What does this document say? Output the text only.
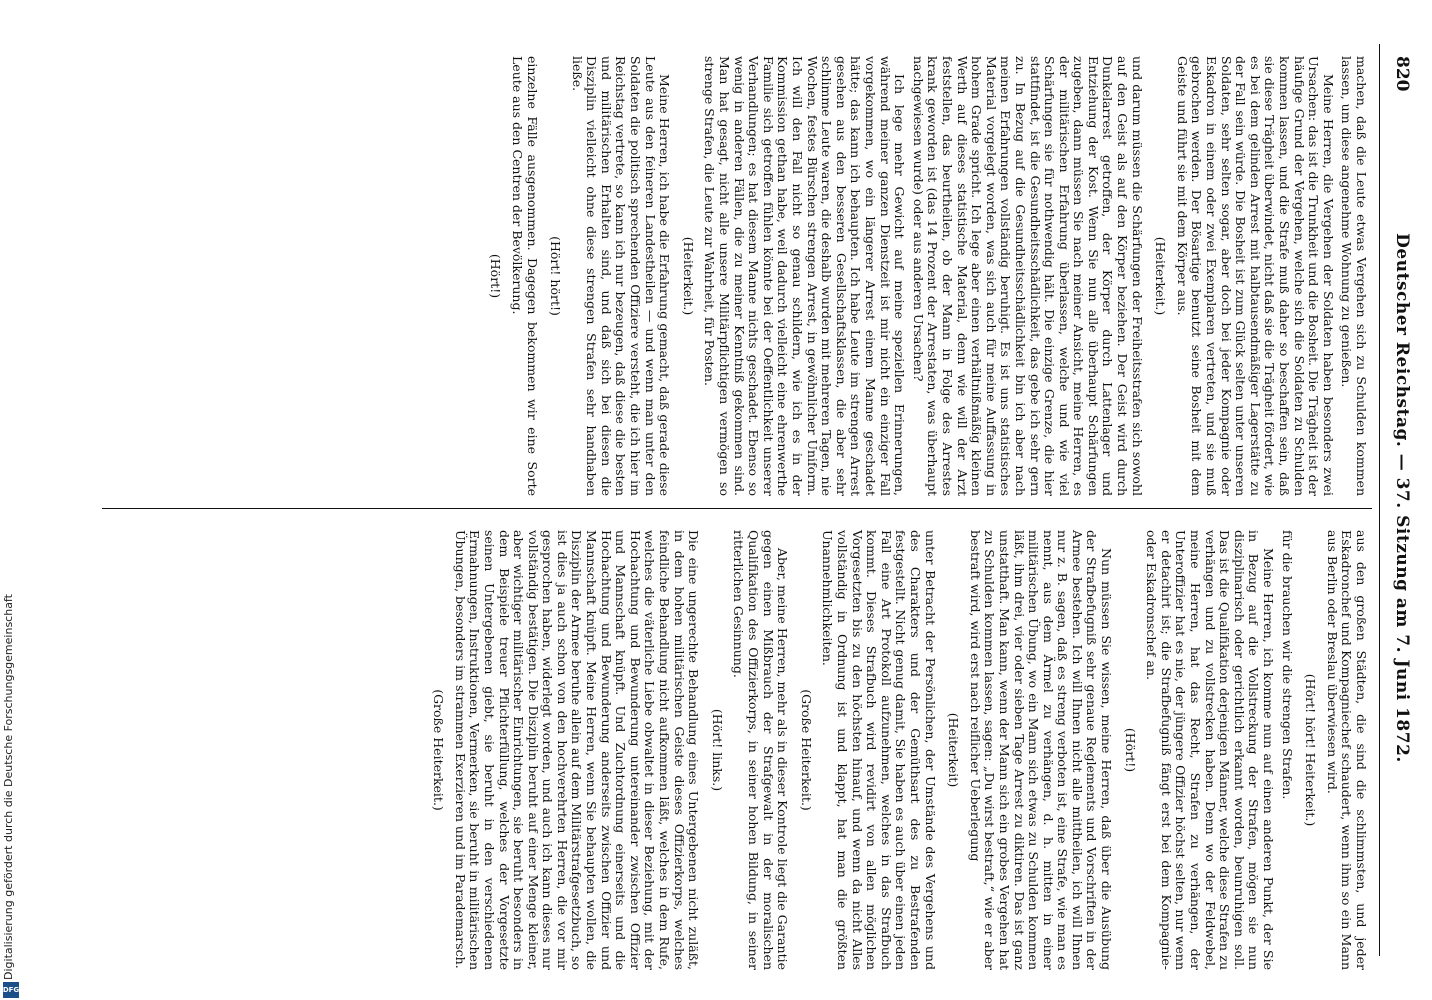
820
Deutscher Reichstag. — 37. Sitzung am 7. Juni 1872.

machen, daß die Leute etwas Vergehen sich zu Schulden kommen lassen, um diese angenehme Wohnung zu genießen.

Meine Herren, die Vergehen der Soldaten haben besonders zwei Ursachen: das ist die Trunkheit und die Bosheit. Die Trägheit ist der häufige Grund der Vergehen, welche sich die Soldaten zu Schulden kommen lassen, und die Strafe muß daher so beschaffen sein, daß sie diese Trägheit überwindet, nicht daß sie die Trägheit fördert, wie es bei dem gelinden Arrest mit halbtausendmäßiger Lagerstätte zu der Fall sein würde. Die Bosheit ist zum Glück selten unter unseren Soldaten, sehr selten sogar, aber doch bei jeder Kompagnie oder Eskadron in einem oder zwei Exemplaren vertreten, und sie muß gebrochen werden. Der Bösartige benutzt seine Bosheit mit dem Geiste und führt sie mit dem Körper aus.

(Heiterkeit.)

und darum müssen die Schärfungen der Freiheitsstrafen sich sowohl auf den Geist als auf den Körper beziehen. Der Geist wird durch Dunkelarrest getroffen, der Körper durch Lattenlager und Entziehung der Kost. Wenn Sie nun alle überhaupt Schärfungen zugeben, dann müssen Sie nach meiner Ansicht, meine Herren, es der militärischen Erfahrung überlassen, welche und wie viel Schärfungen sie für nothwendig hält. Die einzige Grenze, die hier stattfindet, ist die Gesundheitsschädlichkeit, das gebe ich sehr gern zu. In Bezug auf die Gesundheitsschädlichkeit bin ich aber nach meinen Erfahrungen vollständig beruhigt. Es ist uns statistisches Material vorgelegt worden, was sich auch für meine Auffassung in hohem Grade spricht. Ich lege aber einen verhältnißmäßig kleinen Werth auf dieses statistische Material, denn wie will der Arzt feststellen, das beurtheilen, ob der Mann in Folge des Arrestes krank geworden ist (das 14 Prozent der Arrestaten, was überhaupt nachgewiesen wurde) oder aus anderen Ursachen?

Ich lege mehr Gewicht auf meine speziellen Erinnerungen, während meiner ganzen Dienstzeit ist mir nicht ein einziger Fall vorgekommen, wo ein längerer Arrest einem Manne geschadet hätte; das kann ich behaupten. Ich habe Leute im strengen Arrest gesehen aus den besseren Gesellschaftsklassen, die aber sehr schlimme Leute waren, die deshalb wurden mit mehreren Tagen, nie Wochen, festes Bürschen strengen Arrest, in gewöhnlicher Uniform. Ich will den Fall nicht so genau schildern, wie ich es in der Kommission gethan habe, weil dadurch vielleicht eine ehrenwerthe Familie sich getroffen fühlen könnte bei der Oeffentlichkeit unserer Verhandlungen; es hat diesem Manne nichts geschadet. Ebenso so wenig in anderen Fällen, die zu meiner Kenntniß gekommen sind. Man hat gesagt, nicht alle unsere Militärpflichtigen vermögen so strenge Strafen, die Leute zur Wahrheit, für Posten.

(Heiterkeit.)

Meine Herren, ich habe die Erfahrung gemacht, daß gerade diese Leute aus den feineren Landestheilen — und wenn man unter den Soldaten die politisch sprechenden Offiziere versteht, die ich hier im Reichstag vertrete, so kann ich nur bezeugen, daß diese die besten und militärischen Erhalten sind, und daß sich bei diesen die Disziplin vielleicht ohne diese strengen Strafen sehr handhaben ließe.

(Hört! hört!)

einzelne Fälle ausgenommen. Dagegen bekommen wir eine Sorte Leute aus den Centren der Bevölkerung.

(Hört!)

aus den großen Städten, die sind die schlimmsten, und jeder Eskadronchef und Kompagniechef schaudert, wenn ihm so ein Mann aus Berlin oder Breslau überwiesen wird.

(Hört! hört! Heiterkeit.)

für die brauchen wir die strengen Strafen.

Meine Herren, ich komme nun auf einen anderen Punkt, der Sie in Bezug auf die Vollstreckung der Strafen, mögen sie nun disziplinarisch oder gerichtlich erkannt worden, beunruhigen soll. Das ist die Qualifikation derjenigen Männer, welche diese Strafen zu verhängen und zu vollstrecken haben. Denn wo der Feldwebel, meine Herren, hat das Recht, Strafen zu verhängen, der Unteroffizier hat es nie, der jüngere Offizier höchst selten, nur wenn er detachirt ist; die Strafbefugniß fängt erst bei dem Kompagnie- oder Eskadronschef an.

(Hört!)

Nun müssen Sie wissen, meine Herren, daß über die Ausübung der Strafbefugniß sehr genaue Reglements und Vorschriften in der Armee bestehen. Ich will Ihnen nicht alle mittheilen, ich will Ihnen nur z. B. sagen, daß es streng verboten ist, eine Strafe, wie man es nennt, aus dem Ärmel zu verhängen, d. h. mitten in einer militärischen Übung, wo ein Mann sich etwas zu Schulden kommen läßt, ihm drei, vier oder sieben Tage Arrest zu diktiren. Das ist ganz unstatthaft. Man kann, wenn der Mann sich ein grobes Vergehen hat zu Schulden kommen lassen, sagen: „Du wirst bestraft,“ wie er aber bestraft wird, wird erst nach reiflicher Ueberlegung

(Heiterkeit)

unter Betracht der Persönlichen, der Umstände des Vergehens und des Charakters und der Gemüthsart des zu Bestrafenden festgestellt. Nicht genug damit, Sie haben es auch über einen jeden Fall eine Art Protokoll aufzunehmen, welches in das Strafbuch kommt. Dieses Strafbuch wird revidirt von allen möglichen Vorgesetzten bis zu den höchsten hinauf, und wenn da nicht Alles vollständig in Ordnung ist und klappt, hat man die größten Unannehmlichkeiten.

(Große Heiterkeit.)

Aber, meine Herren, mehr als in dieser Kontrole liegt die Garantie gegen einen Mißbrauch der Strafgewalt in der moralischen Qualifikation des Offizierkorps, in seiner hohen Bildung, in seiner ritterlichen Gesinnung.

(Hört! links.)

Die eine ungerechte Behandlung eines Untergebenen nicht zuläßt, in dem hohen militärischen Geiste dieses Offizierkorps, welches feindliche Behandlung nicht aufkommen läßt, welches in dem Rufe, welches die väterliche Liebe obwaltet in dieser Beziehung, mit der Hochachtung und Bewunderung untereinander zwischen Offizier und Mannschaft knüpft. Und Zuchtordnung einerseits und die Hochachtung und Bewunderung anderseits zwischen Offizier und Mannschaft knüpft. Meine Herren, wenn Sie behaupten wollen, die Disziplin der Armee beruhe allein auf dem Militärstrafgesetzbuch, so ist dies ja auch schon von den hochverehrten Herren, die vor mir gesprochen haben, widerlegt worden, und auch ich kann dieses nur vollständig bestätigen. Die Disziplin beruht auf einer Menge kleiner, aber wichtiger militärischer Einrichtungen, sie beruht besonders in dem Beispiele treuer Pflichterfüllung, welches der Vorgesetzte seinen Untergebenen giebt, sie beruht in den verschiedenen Ermahnungen, Instruktionen, Vermerken, sie beruht in militärischen Übungen, besonders im strammen Exerzieren und im Parademarsch.

(Große Heiterkeit.)
Digitalisierung gefördert durch die Deutsche Forschungsgemeinschaft
DFG
